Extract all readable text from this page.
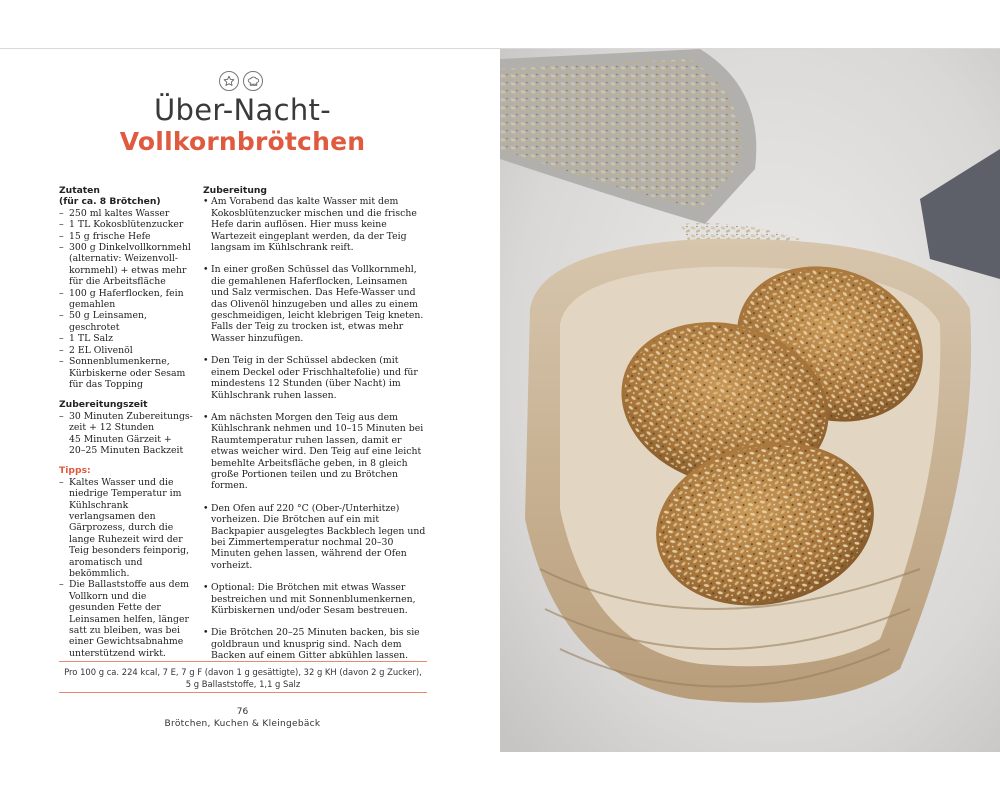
Über-Nacht-
Vollkornbrötchen
Zutaten
(für ca. 8 Brötchen)
– 250 ml kaltes Wasser
– 1 TL Kokosblütenzucker
– 15 g frische Hefe
– 300 g Dinkelvollkornmehl (alternativ: Weizenvoll-kornmehl) + etwas mehr für die Arbeitsfläche
– 100 g Haferflocken, fein gemahlen
– 50 g Leinsamen, geschrotet
– 1 TL Salz
– 2 EL Olivenöl
– Sonnenblumenkerne, Kürbiskerne oder Sesam für das Topping
Zubereitungszeit
– 30 Minuten Zubereitungs-zeit + 12 Stunden
45 Minuten Gärzeit +
20–25 Minuten Backzeit
Tipps:
– Kaltes Wasser und die niedrige Temperatur im Kühlschrank verlangsamen den Gärprozess, durch die lange Ruhezeit wird der Teig besonders feinporig, aromatisch und bekömmlich.
– Die Ballaststoffe aus dem Vollkorn und die gesunden Fette der Leinsamen helfen, länger satt zu bleiben, was bei einer Gewichtsabnahme unterstützend wirkt.
Zubereitung
• Am Vorabend das kalte Wasser mit dem Kokosblütenzucker mischen und die frische Hefe darin auflösen. Hier muss keine Wartezeit eingeplant werden, da der Teig langsam im Kühlschrank reift.
• In einer großen Schüssel das Vollkornmehl, die gemahlenen Haferflocken, Leinsamen und Salz vermischen. Das Hefe-Wasser und das Olivenöl hinzugeben und alles zu einem geschmeidigen, leicht klebrigen Teig kneten. Falls der Teig zu trocken ist, etwas mehr Wasser hinzufügen.
• Den Teig in der Schüssel abdecken (mit einem Deckel oder Frischhaltefolie) und für mindestens 12 Stunden (über Nacht) im Kühlschrank ruhen lassen.
• Am nächsten Morgen den Teig aus dem Kühlschrank nehmen und 10–15 Minuten bei Raumtemperatur ruhen lassen, damit er etwas weicher wird. Den Teig auf eine leicht bemehlte Arbeitsfläche geben, in 8 gleich große Portionen teilen und zu Brötchen formen.
• Den Ofen auf 220 °C (Ober-/Unterhitze) vorheizen. Die Brötchen auf ein mit Backpapier ausgelegtes Backblech legen und bei Zimmertemperatur nochmal 20–30 Minuten gehen lassen, während der Ofen vorheizt.
• Optional: Die Brötchen mit etwas Wasser bestreichen und mit Sonnenblumenkernen, Kürbiskernen und/oder Sesam bestreuen.
• Die Brötchen 20–25 Minuten backen, bis sie goldbraun und knusprig sind. Nach dem Backen auf einem Gitter abkühlen lassen.
Pro 100 g ca. 224 kcal, 7 E, 7 g F (davon 1 g gesättigte), 32 g KH (davon 2 g Zucker),
5 g Ballaststoffe, 1,1 g Salz
76
Brötchen, Kuchen & Kleingebäck
